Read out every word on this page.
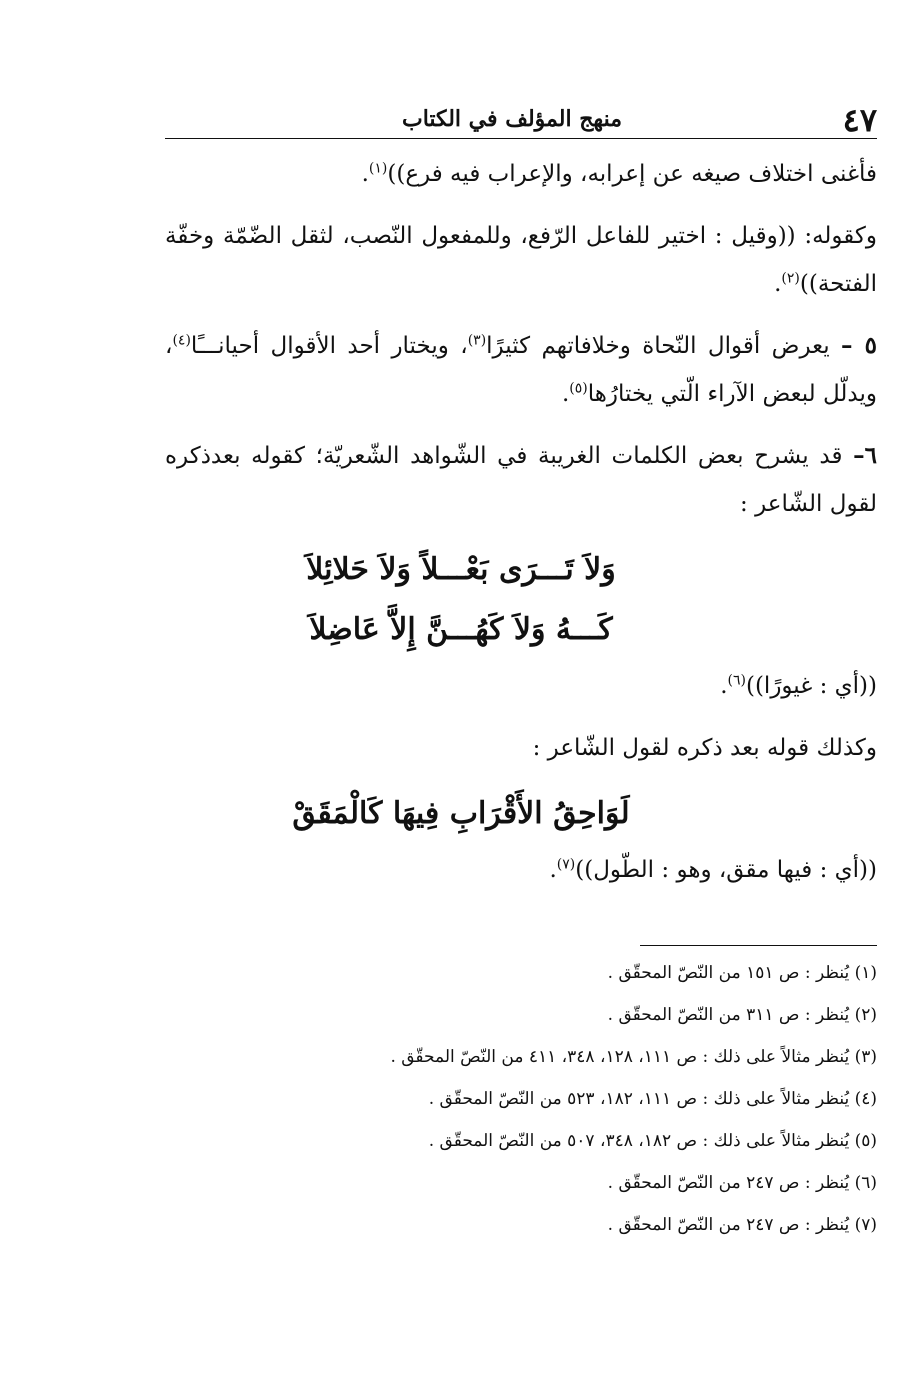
٤٧
منهج المؤلف في الكتاب

فأغنى اختلاف صيغه عن إعرابه، والإعراب فيه فرع))$^{(١)}$.

وكقوله: ((وقيل : اختير للفاعل الرّفع، وللمفعول النّصب، لثقل الضّمّة وخفّة الفتحة))$^{(٢)}$.

٥ – يعرض أقوال النّحاة وخلافاتهم كثيرًا$^{(٣)}$، ويختار أحد الأقوال أحيانـــًا$^{(٤)}$، ويدلّل لبعض الآراء الّتي يختارُها$^{(٥)}$.

٦– قد يشرح بعض الكلمات الغريبة في الشّواهد الشّعريّة؛ كقوله بعدذكره لقول الشّاعر :

وَلاَ تَـــرَى بَعْـــلاً وَلاَ حَلائِلاَ
كَـــهُ وَلاَ كَهُـــنَّ إِلاَّ عَاضِلاَ

((أي : غيورًا))$^{(٦)}$.

وكذلك قوله بعد ذكره لقول الشّاعر :

لَوَاحِقُ الأَقْرَابِ فِيهَا كَالْمَقَقْ

((أي : فيها مقق، وهو : الطّول))$^{(٧)}$.

(١) يُنظر : ص ١٥١ من النّصّ المحقّق .

(٢) يُنظر : ص ٣١١ من النّصّ المحقّق .

(٣) يُنظر مثالاً على ذلك : ص ١١١، ١٢٨، ٣٤٨، ٤١١ من النّصّ المحقّق .

(٤) يُنظر مثالاً على ذلك : ص ١١١، ١٨٢، ٥٢٣ من النّصّ المحقّق .

(٥) يُنظر مثالاً على ذلك : ص ١٨٢، ٣٤٨، ٥٠٧ من النّصّ المحقّق .

(٦) يُنظر : ص ٢٤٧ من النّصّ المحقّق .

(٧) يُنظر : ص ٢٤٧ من النّصّ المحقّق .
